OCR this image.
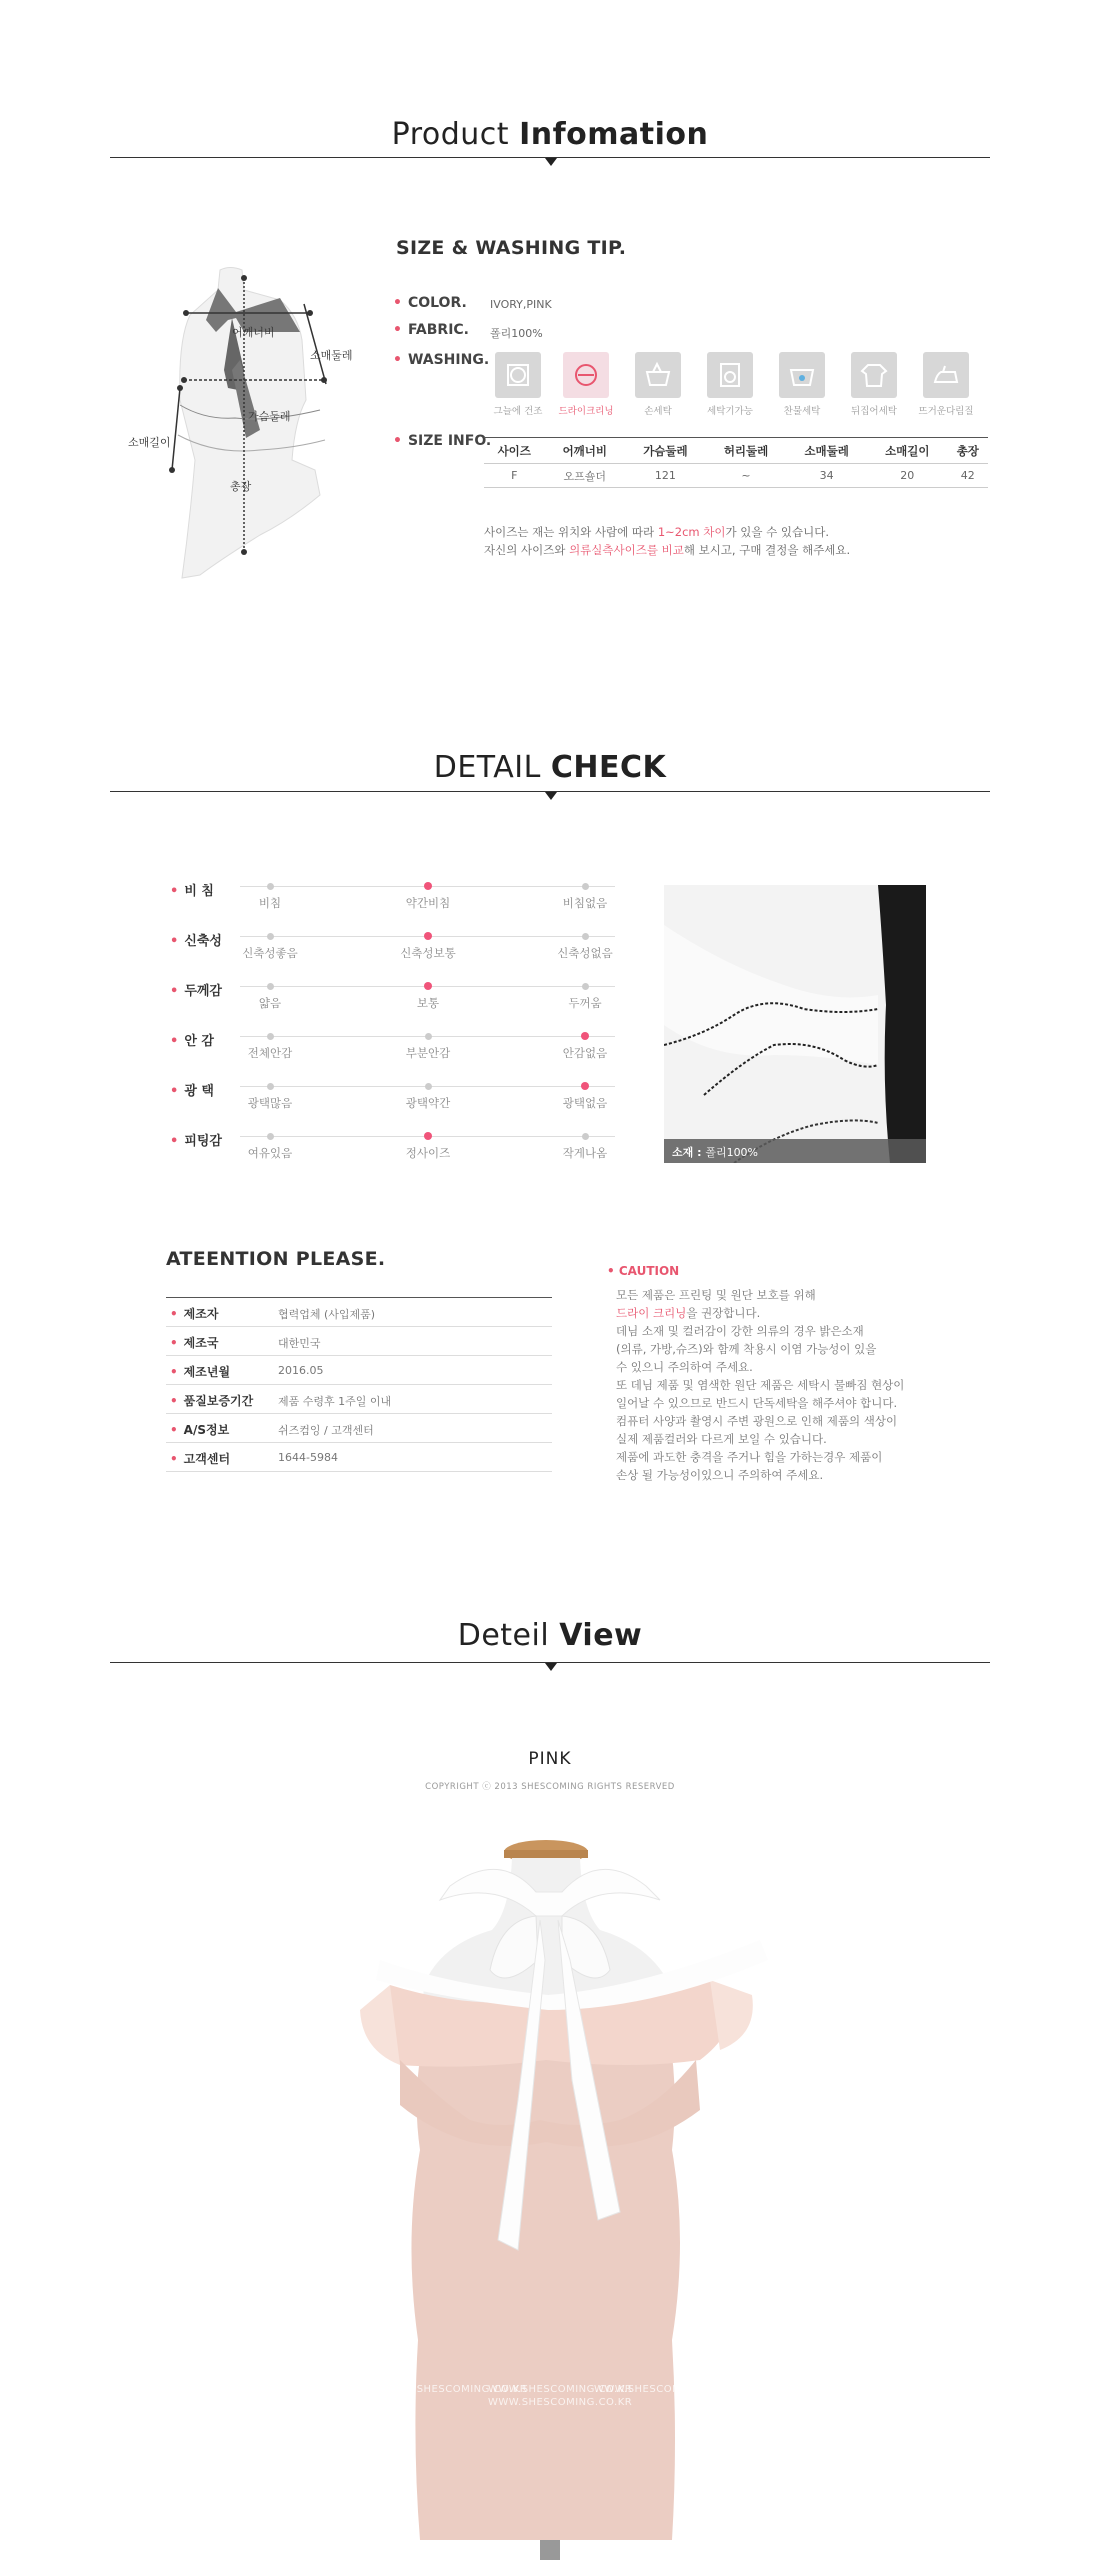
Product Infomation
어깨너비
소매둘레
가슴둘레
소매길이
총장
SIZE & WASHING TIP.
• COLOR. IVORY,PINK
• FABRIC. 폴리100%
• WASHING.
그늘에 건조	드라이크리닝	손세탁	세탁기가능	찬물세탁	뒤집어세탁	뜨거운다림질
• SIZE INFO.
사이즈	어깨너비	가슴둘레	허리둘레	소매둘레	소매길이	총장
F	오프숄더	121	~	34	20	42
사이즈는 재는 위치와 사람에 따라 1~2cm 차이가 있을 수 있습니다.
자신의 사이즈와 의류실측사이즈를 비교해 보시고, 구매 결정을 해주세요.
DETAIL CHECK
• 비 침
비침	약간비침	비침없음
• 신축성
신축성좋음	신축성보통	신축성없음
• 두께감
얇음	보통	두꺼움
• 안 감
전체안감	부분안감	안감없음
• 광 택
광택많음	광택약간	광택없음
• 피팅감
여유있음	정사이즈	작게나옴	소재 : 폴리100%
ATEENTION PLEASE.
• 제조자	협력업체 (사입제품)
• 제조국	대한민국
• 제조년월	2016.05
• 품질보증기간 제품 수령후 1주일 이내
• A/S정보	쉬즈컴잉 / 고객센터
• 고객센터	1644-5984
• CAUTION
모든 제품은 프린팅 및 원단 보호를 위해
드라이 크리닝을 권장합니다.
데님 소재 및 컬러감이 강한 의류의 경우 밝은소재
(의류, 가방,슈즈)와 함께 착용시 이염 가능성이 있을
수 있으니 주의하여 주세요.
또 데님 제품 및 염색한 원단 제품은 세탁시 물빠짐 현상이
일어날 수 있으므로 반드시 단독세탁을 해주셔야 합니다.
컴퓨터 사양과 촬영시 주변 광원으로 인해 제품의 색상이
실제 제품컬러와 다르게 보일 수 있습니다.
제품에 과도한 충격을 주거나 힘을 가하는경우 제품이
손상 될 가능성이있으니 주의하여 주세요.
Deteil View
PINK
COPYRIGHT ⓒ 2013 SHESCOMING RIGHTS RESERVED
WWW.SHESCOMING.CO.KR
WWW.SHESCOMING.CO.KR
WWW.SHESCOMING.CO.KR
WWW.SHESCOMING.CO.KR
